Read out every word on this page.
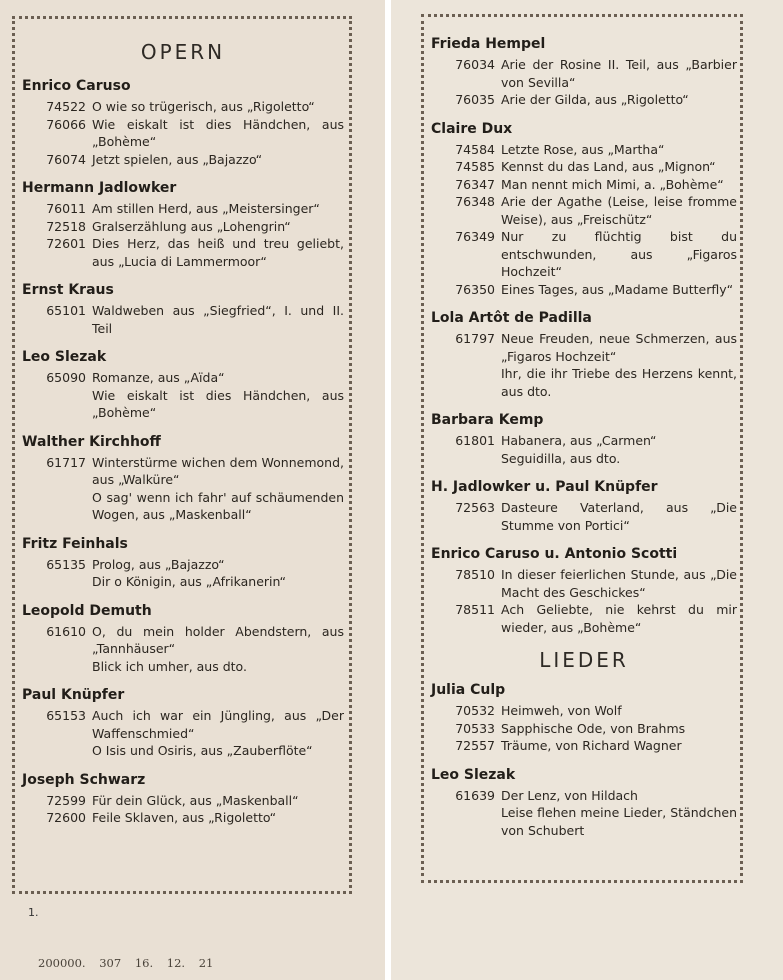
OPERN
Enrico Caruso
74522 O wie so trügerisch, aus „Rigoletto“
76066 Wie eiskalt ist dies Händchen, aus „Bohème“
76074 Jetzt spielen, aus „Bajazzo“
Hermann Jadlowker
76011 Am stillen Herd, aus „Meistersinger“
72518 Gralserzählung aus „Lohengrin“
72601 Dies Herz, das heiß und treu geliebt, aus „Lucia di Lammermoor“
Ernst Kraus
65101 Waldweben aus „Siegfried“, I. und II. Teil
Leo Slezak
65090 Romanze, aus „Aïda“
Wie eiskalt ist dies Händchen, aus „Bohème“
Walther Kirchhoff
61717 Winterstürme wichen dem Wonnemond, aus „Walküre“
O sag' wenn ich fahr' auf schäumenden Wogen, aus „Maskenball“
Fritz Feinhals
65135 Prolog, aus „Bajazzo“
Dir o Königin, aus „Afrikanerin“
Leopold Demuth
61610 O, du mein holder Abendstern, aus „Tannhäuser“
Blick ich umher, aus dto.
Paul Knüpfer
65153 Auch ich war ein Jüngling, aus „Der Waffenschmied“
O Isis und Osiris, aus „Zauberflöte“
Joseph Schwarz
72599 Für dein Glück, aus „Maskenball“
72600 Feile Sklaven, aus „Rigoletto“
1.
200000. 307 16. 12. 21
Frieda Hempel
76034 Arie der Rosine II. Teil, aus „Barbier von Sevilla“
76035 Arie der Gilda, aus „Rigoletto“
Claire Dux
74584 Letzte Rose, aus „Martha“
74585 Kennst du das Land, aus „Mignon“
76347 Man nennt mich Mimi, a. „Bohème“
76348 Arie der Agathe (Leise, leise fromme Weise), aus „Freischütz“
76349 Nur zu flüchtig bist du entschwunden, aus „Figaros Hochzeit“
76350 Eines Tages, aus „Madame Butterfly“
Lola Artôt de Padilla
61797 Neue Freuden, neue Schmerzen, aus „Figaros Hochzeit“
Ihr, die ihr Triebe des Herzens kennt, aus dto.
Barbara Kemp
61801 Habanera, aus „Carmen“
Seguidilla, aus dto.
H. Jadlowker u. Paul Knüpfer
72563 Dasteure Vaterland, aus „Die Stumme von Portici“
Enrico Caruso u. Antonio Scotti
78510 In dieser feierlichen Stunde, aus „Die Macht des Geschickes“
78511 Ach Geliebte, nie kehrst du mir wieder, aus „Bohème“
LIEDER
Julia Culp
70532 Heimweh, von Wolf
70533 Sapphische Ode, von Brahms
72557 Träume, von Richard Wagner
Leo Slezak
61639 Der Lenz, von Hildach
Leise flehen meine Lieder, Ständchen von Schubert
